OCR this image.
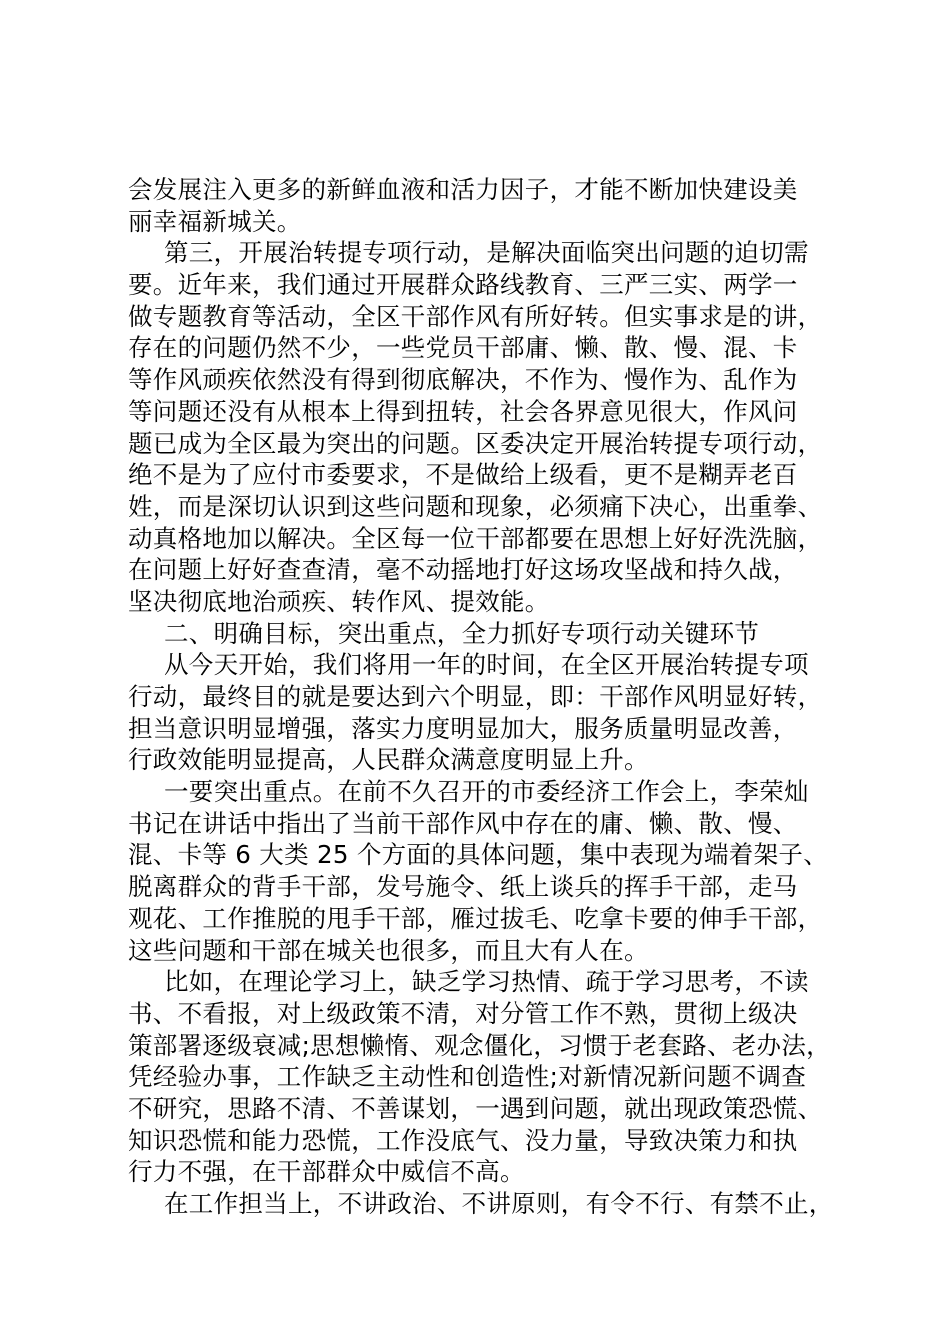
会发展注入更多的新鲜血液和活力因子，才能不断加快建设美
丽幸福新城关。
第三，开展治转提专项行动，是解决面临突出问题的迫切需
要。近年来，我们通过开展群众路线教育、三严三实、两学一
做专题教育等活动，全区干部作风有所好转。但实事求是的讲，
存在的问题仍然不少，一些党员干部庸、懒、散、慢、混、卡
等作风顽疾依然没有得到彻底解决，不作为、慢作为、乱作为
等问题还没有从根本上得到扭转，社会各界意见很大，作风问
题已成为全区最为突出的问题。区委决定开展治转提专项行动，
绝不是为了应付市委要求，不是做给上级看，更不是糊弄老百
姓，而是深切认识到这些问题和现象，必须痛下决心，出重拳、
动真格地加以解决。全区每一位干部都要在思想上好好洗洗脑，
在问题上好好查查清，毫不动摇地打好这场攻坚战和持久战，
坚决彻底地治顽疾、转作风、提效能。
二、明确目标，突出重点，全力抓好专项行动关键环节
从今天开始，我们将用一年的时间，在全区开展治转提专项
行动，最终目的就是要达到六个明显，即：干部作风明显好转，
担当意识明显增强，落实力度明显加大，服务质量明显改善，
行政效能明显提高，人民群众满意度明显上升。
一要突出重点。在前不久召开的市委经济工作会上，李荣灿
书记在讲话中指出了当前干部作风中存在的庸、懒、散、慢、
混、卡等 6 大类 25 个方面的具体问题，集中表现为端着架子、
脱离群众的背手干部，发号施令、纸上谈兵的挥手干部，走马
观花、工作推脱的甩手干部，雁过拔毛、吃拿卡要的伸手干部，
这些问题和干部在城关也很多，而且大有人在。
比如，在理论学习上，缺乏学习热情、疏于学习思考，不读
书、不看报，对上级政策不清，对分管工作不熟，贯彻上级决
策部署逐级衰减;思想懒惰、观念僵化，习惯于老套路、老办法，
凭经验办事，工作缺乏主动性和创造性;对新情况新问题不调查
不研究，思路不清、不善谋划，一遇到问题，就出现政策恐慌、
知识恐慌和能力恐慌，工作没底气、没力量，导致决策力和执
行力不强，在干部群众中威信不高。
在工作担当上，不讲政治、不讲原则，有令不行、有禁不止，
